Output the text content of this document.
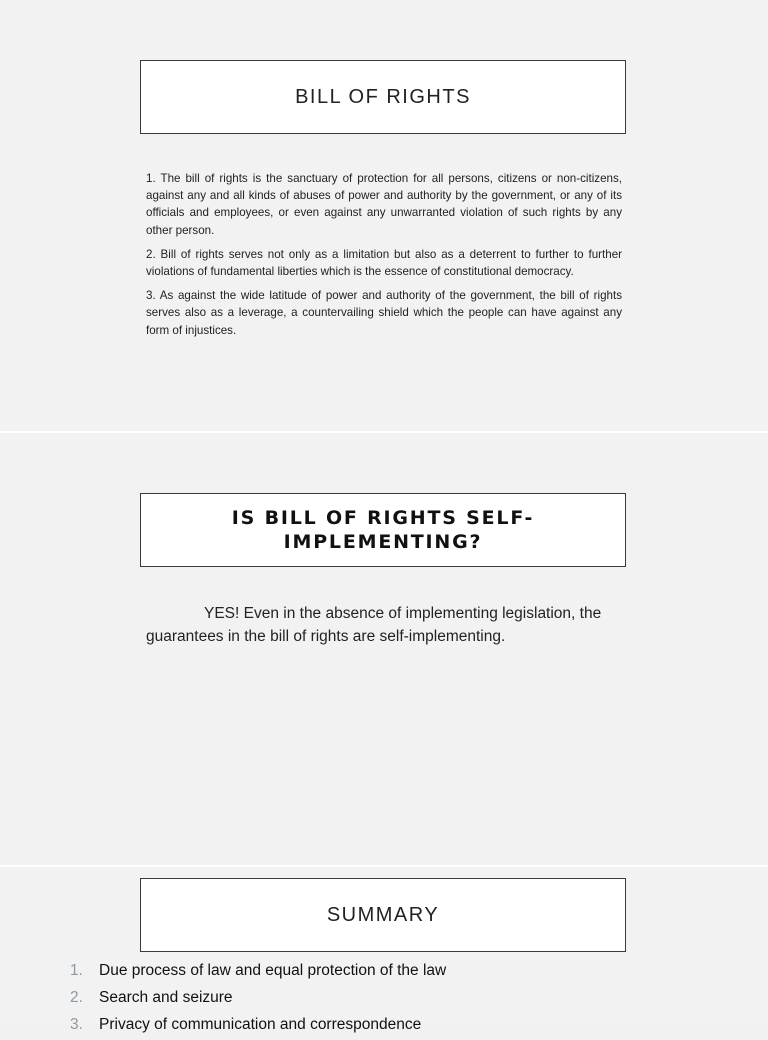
BILL OF RIGHTS

1. The bill of rights is the sanctuary of protection for all persons, citizens or non-citizens, against any and all kinds of abuses of power and authority by the government, or any of its officials and employees, or even against any unwarranted violation of such rights by any other person.

2. Bill of rights serves not only as a limitation but also as a deterrent to further to further violations of fundamental liberties which is the essence of constitutional democracy.

3. As against the wide latitude of power and authority of the government, the bill of rights serves also as a leverage, a countervailing shield which the people can have against any form of injustices.

IS BILL OF RIGHTS SELF-IMPLEMENTING?
YES! Even in the absence of implementing legislation, the guarantees in the bill of rights are self-implementing.
SUMMARY
1. Due process of law and equal protection of the law
2. Search and seizure
3. Privacy of communication and correspondence
